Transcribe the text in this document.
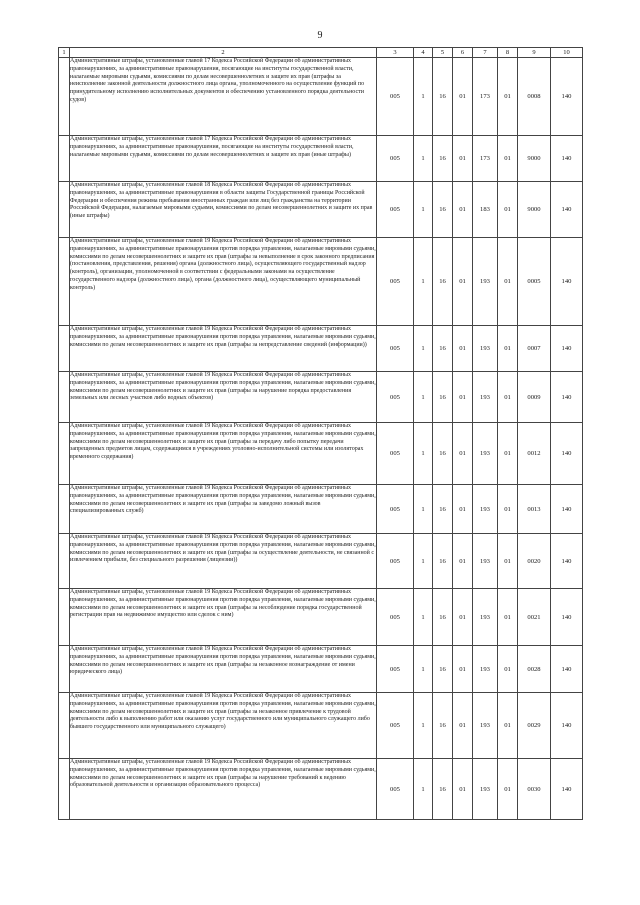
9
1	2	3	4	5	6	7	8	9	10
	Административные штрафы, установленные главой 17 Кодекса Российской Федерации об административных правонарушениях, за административные правонарушения, посягающие на институты государственной власти, налагаемые мировыми судьями, комиссиями по делам несовершеннолетних и защите их прав (штрафы за неисполнение законной деятельности должностного лица органа, уполномоченного на осуществление функций по принудительному исполнению исполнительных документов и обеспечению установленного порядка деятельности судов)	005	1	16	01	173	01	0008	140
	Административные штрафы, установленные главой 17 Кодекса Российской Федерации об административных правонарушениях, за административные правонарушения, посягающие на институты государственной власти, налагаемые мировыми судьями, комиссиями по делам несовершеннолетних и защите их прав (иные штрафы)	005	1	16	01	173	01	9000	140
	Административные штрафы, установленные главой 18 Кодекса Российской Федерации об административных правонарушениях, за административные правонарушения в области защиты Государственной границы Российской Федерации и обеспечения режима пребывания иностранных граждан или лиц без гражданства на территории Российской Федерации, налагаемые мировыми судьями, комиссиями по делам несовершеннолетних и защите их прав (иные штрафы)	005	1	16	01	183	01	9000	140
	Административные штрафы, установленные главой 19 Кодекса Российской Федерации об административных правонарушениях, за административные правонарушения против порядка управления, налагаемые мировыми судьями, комиссиями по делам несовершеннолетних и защите их прав (штрафы за невыполнение в срок законного предписания (постановления, представления, решения) органа (должностного лица), осуществляющего государственный надзор (контроль), организации, уполномоченной в соответствии с федеральными законами на осуществление государственного надзора (должностного лица), органа (должностного лица), осуществляющего муниципальный контроль)	005	1	16	01	193	01	0005	140
	Административные штрафы, установленные главой 19 Кодекса Российской Федерации об административных правонарушениях, за административные правонарушения против порядка управления, налагаемые мировыми судьями, комиссиями по делам несовершеннолетних и защите их прав (штрафы за непредставление сведений (информации))	005	1	16	01	193	01	0007	140
	Административные штрафы, установленные главой 19 Кодекса Российской Федерации об административных правонарушениях, за административные правонарушения против порядка управления, налагаемые мировыми судьями, комиссиями по делам несовершеннолетних и защите их прав (штрафы за нарушение порядка предоставления земельных или лесных участков либо водных объектов)	005	1	16	01	193	01	0009	140
	Административные штрафы, установленные главой 19 Кодекса Российской Федерации об административных правонарушениях, за административные правонарушения против порядка управления, налагаемые мировыми судьями, комиссиями по делам несовершеннолетних и защите их прав (штрафы за передачу либо попытку передачи запрещенных предметов лицам, содержащимся в учреждениях уголовно-исполнительной системы или изоляторах временного содержания)	005	1	16	01	193	01	0012	140
	Административные штрафы, установленные главой 19 Кодекса Российской Федерации об административных правонарушениях, за административные правонарушения против порядка управления, налагаемые мировыми судьями, комиссиями по делам несовершеннолетних и защите их прав (штрафы за заведомо ложный вызов специализированных служб)	005	1	16	01	193	01	0013	140
	Административные штрафы, установленные главой 19 Кодекса Российской Федерации об административных правонарушениях, за административные правонарушения против порядка управления, налагаемые мировыми судьями, комиссиями по делам несовершеннолетних и защите их прав (штрафы за осуществление деятельности, не связанной с извлечением прибыли, без специального разрешения (лицензии))	005	1	16	01	193	01	0020	140
	Административные штрафы, установленные главой 19 Кодекса Российской Федерации об административных правонарушениях, за административные правонарушения против порядка управления, налагаемые мировыми судьями, комиссиями по делам несовершеннолетних и защите их прав (штрафы за несоблюдение порядка государственной регистрации прав на недвижимое имущество или сделок с ним)	005	1	16	01	193	01	0021	140
	Административные штрафы, установленные главой 19 Кодекса Российской Федерации об административных правонарушениях, за административные правонарушения против порядка управления, налагаемые мировыми судьями, комиссиями по делам несовершеннолетних и защите их прав (штрафы за незаконное вознаграждение от имени юридического лица)	005	1	16	01	193	01	0028	140
	Административные штрафы, установленные главой 19 Кодекса Российской Федерации об административных правонарушениях, за административные правонарушения против порядка управления, налагаемые мировыми судьями, комиссиями по делам несовершеннолетних и защите их прав (штрафы за незаконное привлечение к трудовой деятельности либо к выполнению работ или оказанию услуг государственного или муниципального служащего либо бывшего государственного или муниципального служащего)	005	1	16	01	193	01	0029	140
	Административные штрафы, установленные главой 19 Кодекса Российской Федерации об административных правонарушениях, за административные правонарушения против порядка управления, налагаемые мировыми судьями, комиссиями по делам несовершеннолетних и защите их прав (штрафы за нарушение требований к ведению образовательной деятельности и организации образовательного процесса)	005	1	16	01	193	01	0030	140
